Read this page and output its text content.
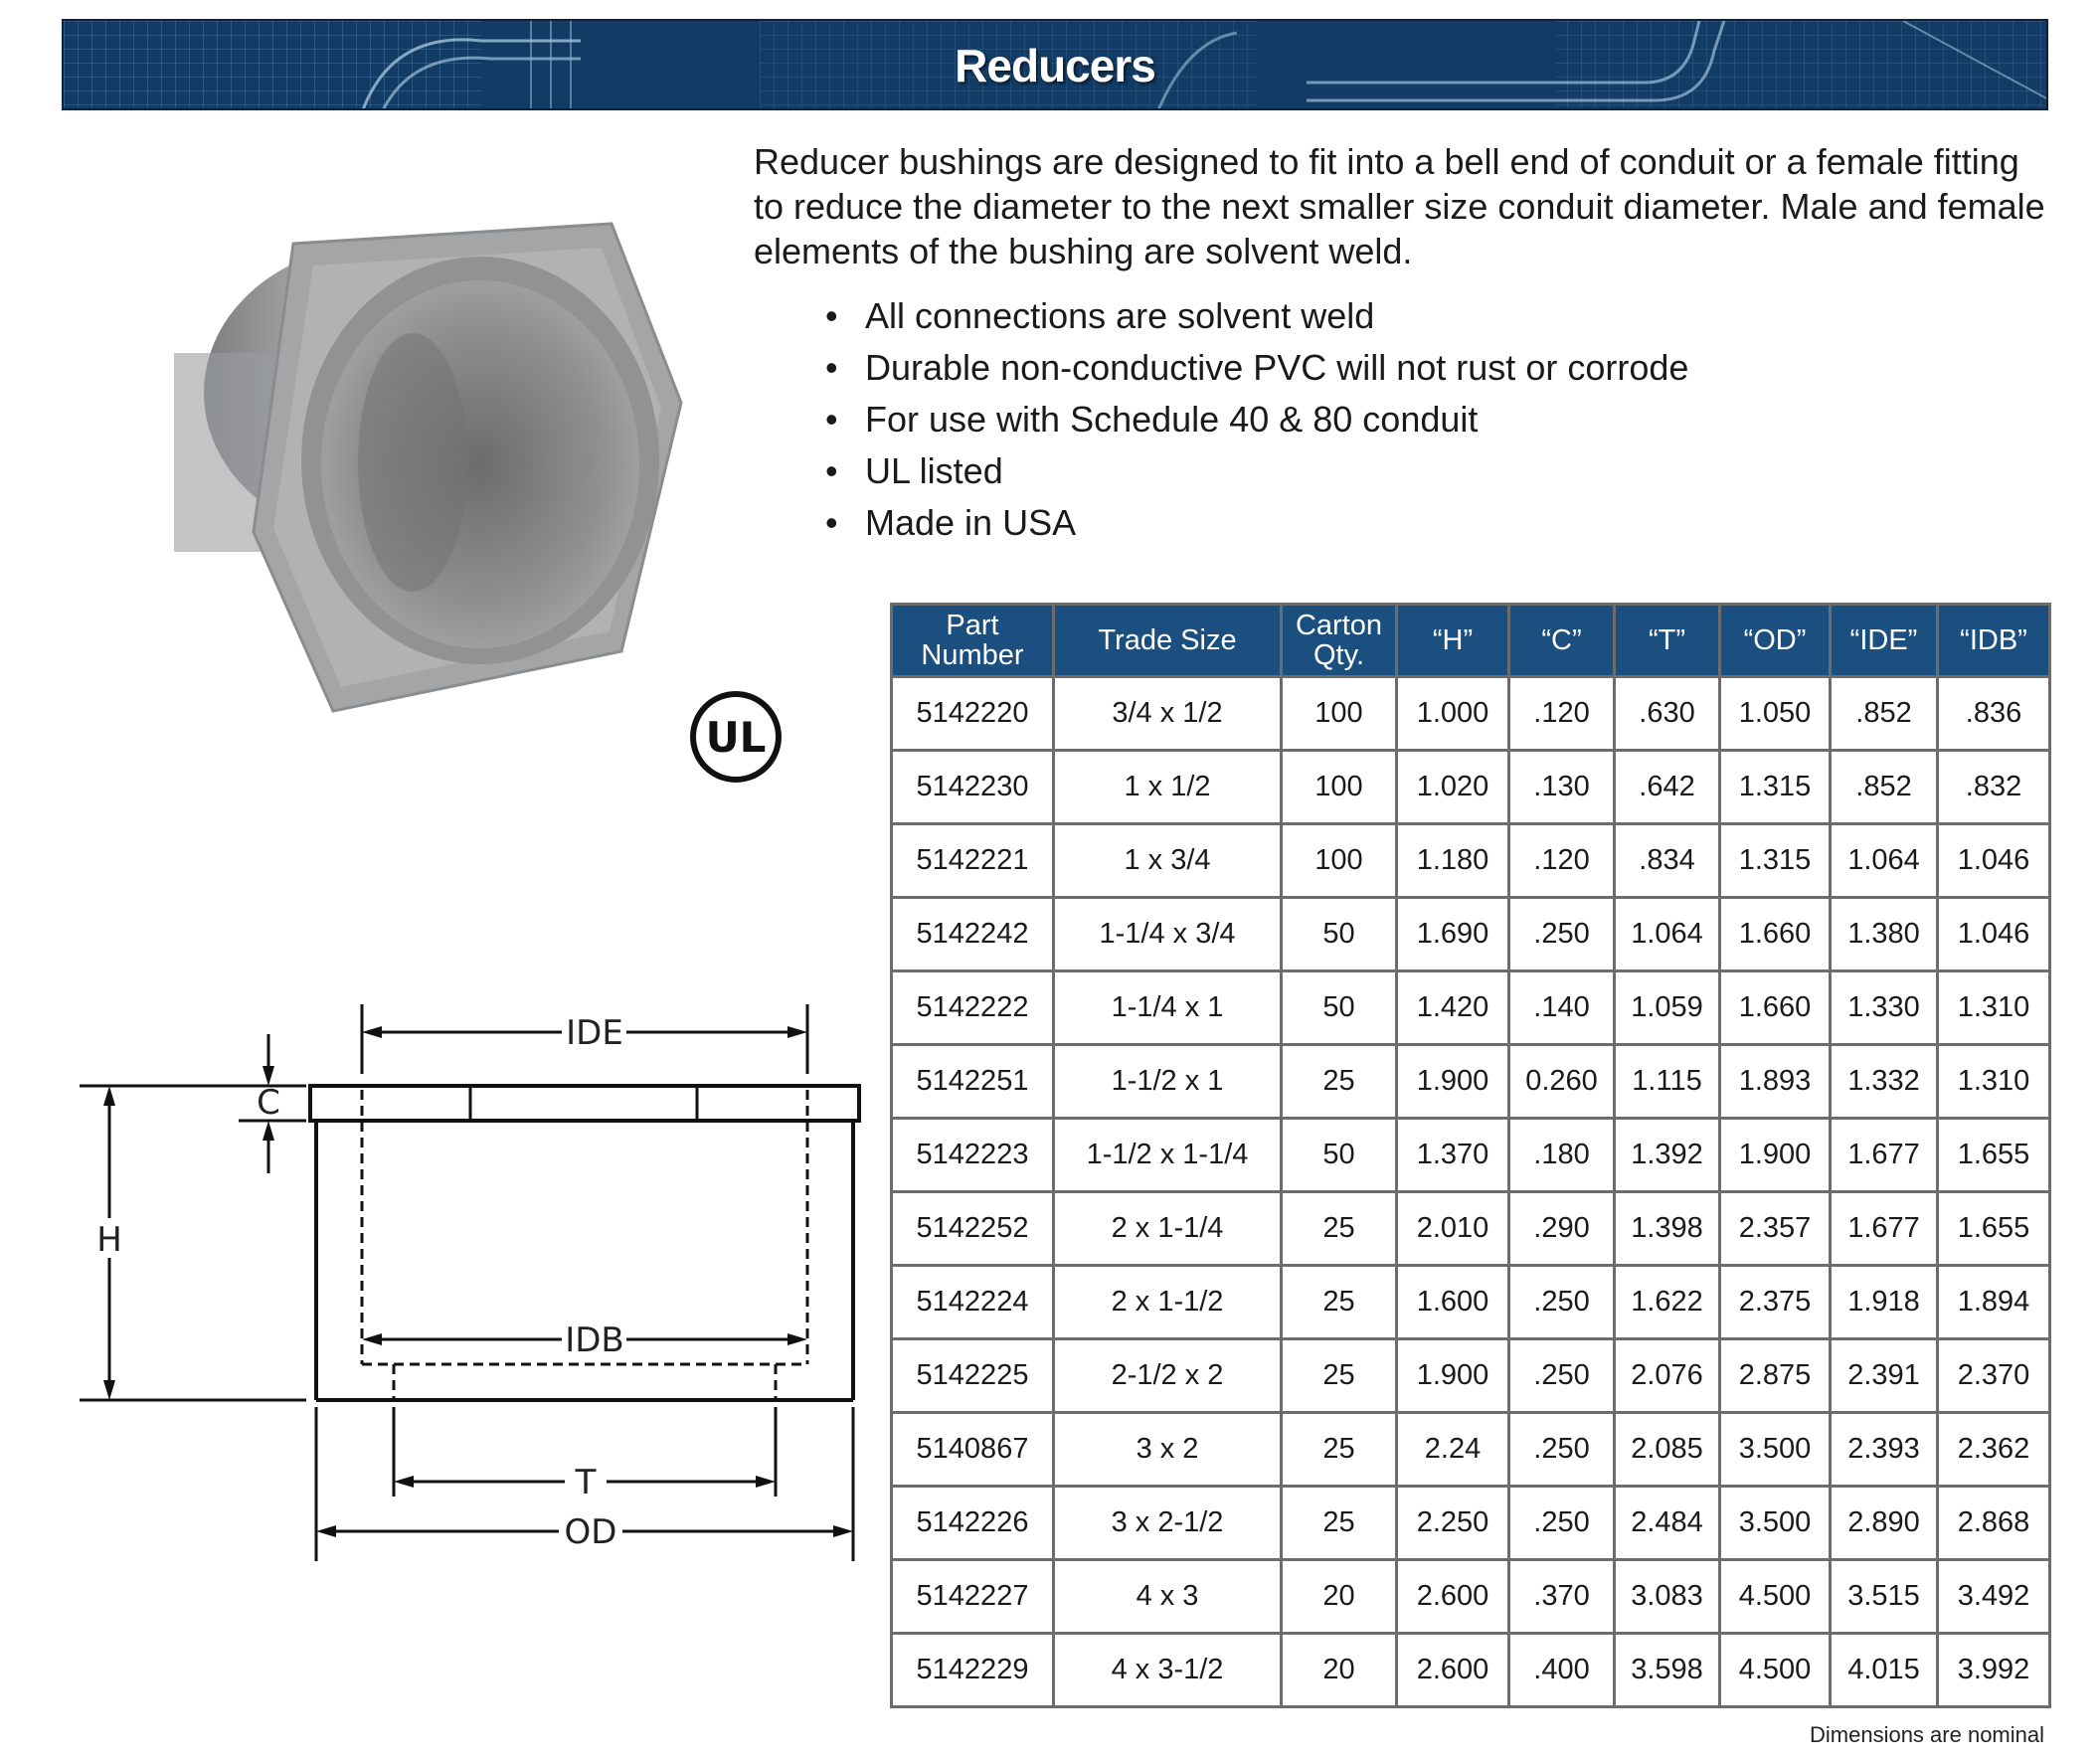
Reducers
Reducer bushings are designed to fit into a bell end of conduit or a female fitting to reduce the diameter to the next smaller size conduit diameter. Male and female elements of the bushing are solvent weld.
• All connections are solvent weld
• Durable non-conductive PVC will not rust or corrode
• For use with Schedule 40 & 80 conduit
• UL listed
• Made in USA
UL
IDE
IDB
C
H
T
OD
Part Number	Trade Size	Carton Qty.	“H”	“C”	“T”	“OD”	“IDE”	“IDB”
5142220	3/4 x 1/2	100	1.000	.120	.630	1.050	.852	.836
5142230	1 x 1/2	100	1.020	.130	.642	1.315	.852	.832
5142221	1 x 3/4	100	1.180	.120	.834	1.315	1.064	1.046
5142242	1-1/4 x 3/4	50	1.690	.250	1.064	1.660	1.380	1.046
5142222	1-1/4 x 1	50	1.420	.140	1.059	1.660	1.330	1.310
5142251	1-1/2 x 1	25	1.900	0.260	1.115	1.893	1.332	1.310
5142223	1-1/2 x 1-1/4	50	1.370	.180	1.392	1.900	1.677	1.655
5142252	2 x 1-1/4	25	2.010	.290	1.398	2.357	1.677	1.655
5142224	2 x 1-1/2	25	1.600	.250	1.622	2.375	1.918	1.894
5142225	2-1/2 x 2	25	1.900	.250	2.076	2.875	2.391	2.370
5140867	3 x 2	25	2.24	.250	2.085	3.500	2.393	2.362
5142226	3 x 2-1/2	25	2.250	.250	2.484	3.500	2.890	2.868
5142227	4 x 3	20	2.600	.370	3.083	4.500	3.515	3.492
5142229	4 x 3-1/2	20	2.600	.400	3.598	4.500	4.015	3.992
Dimensions are nominal
